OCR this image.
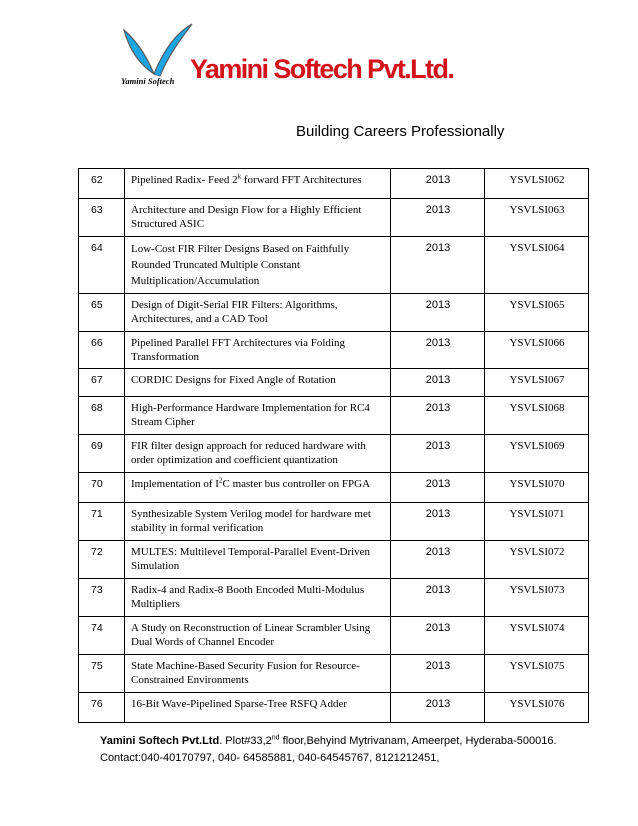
Yamini Softech Yamini Softech Pvt.Ltd.
Building Careers Professionally
62	Pipelined Radix- Feed 2$^k$ forward FFT Architectures	2013	YSVLSI062
63	Architecture and Design Flow for a Highly Efficient Structured ASIC	2013	YSVLSI063
64	Low-Cost FIR Filter Designs Based on Faithfully Rounded Truncated Multiple Constant Multiplication/Accumulation	2013	YSVLSI064
65	Design of Digit-Serial FIR Filters: Algorithms, Architectures, and a CAD Tool	2013	YSVLSI065
66	Pipelined Parallel FFT Architectures via Folding Transformation	2013	YSVLSI066
67	CORDIC Designs for Fixed Angle of Rotation	2013	YSVLSI067
68	High-Performance Hardware Implementation for RC4 Stream Cipher	2013	YSVLSI068
69	FIR filter design approach for reduced hardware with order optimization and coefficient quantization	2013	YSVLSI069
70	Implementation of $I^2C$ master bus controller on FPGA	2013	YSVLSI070
71	Synthesizable System Verilog model for hardware met stability in formal verification	2013	YSVLSI071
72	MULTES: Multilevel Temporal-Parallel Event-Driven Simulation	2013	YSVLSI072
73	Radix-4 and Radix-8 Booth Encoded Multi-Modulus Multipliers	2013	YSVLSI073
74	A Study on Reconstruction of Linear Scrambler Using Dual Words of Channel Encoder	2013	YSVLSI074
75	State Machine-Based Security Fusion for Resource-Constrained Environments	2013	YSVLSI075
76	16-Bit Wave-Pipelined Sparse-Tree RSFQ Adder	2013	YSVLSI076
Yamini Softech Pvt.Ltd. Plot#33,2nd floor,Behyind Mytrivanam, Ameerpet, Hyderaba-500016.
Contact:040-40170797, 040- 64585881, 040-64545767, 8121212451,
